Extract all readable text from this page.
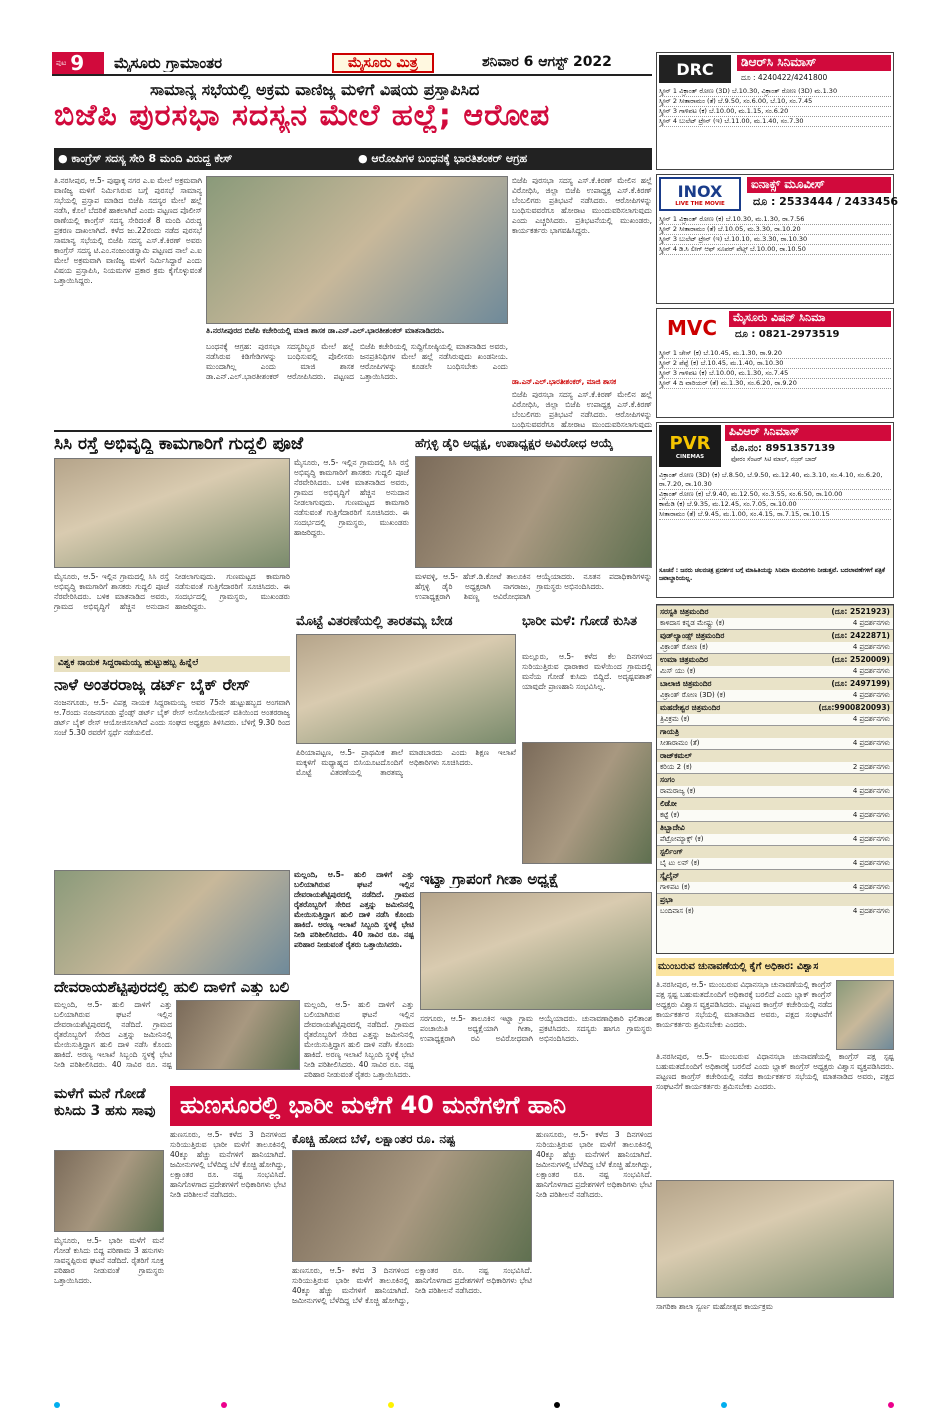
ಪುಟ 9 ಮೈಸೂರು ಗ್ರಾಮಾಂತರ	ಮೈಸೂರು ಮಿತ್ರ	ಶನಿವಾರ 6 ಆಗಸ್ಟ್ 2022
ಸಾಮಾನ್ಯ ಸಭೆಯಲ್ಲಿ ಅಕ್ರಮ ವಾಣಿಜ್ಯ ಮಳಿಗೆ ವಿಷಯ ಪ್ರಸ್ತಾಪಿಸಿದ
ಬಿಜೆಪಿ ಪುರಸಭಾ ಸದಸ್ಯನ ಮೇಲೆ ಹಲ್ಲೆ; ಆರೋಪ
● ಕಾಂಗ್ರೆಸ್ ಸದಸ್ಯ ಸೇರಿ 8 ಮಂದಿ ವಿರುದ್ಧ ಕೇಸ್	● ಆರೋಪಿಗಳ ಬಂಧನಕ್ಕೆ ಭಾರತಿಶಂಕರ್ ಆಗ್ರಹ
ತಿ.ನರಸೀಪುರ, ಆ.5- ಪುಷ್ಪಾಕ್ಕ ನಗರ ಎ.ಐ ಮೇಲೆ ಅಕ್ರಮವಾಗಿ ವಾಣಿಜ್ಯ ಮಳಿಗೆ ನಿರ್ಮಿಸಿರುವ ಬಗ್ಗೆ ಪುರಸಭೆ ಸಾಮಾನ್ಯ ಸಭೆಯಲ್ಲಿ ಪ್ರಸ್ತಾಪ ಮಾಡಿದ ಬಿಜೆಪಿ ಸದಸ್ಯರ ಮೇಲೆ ಹಲ್ಲೆ ನಡೆಸಿ, ಕೊಲೆ ಬೆದರಿಕೆ ಹಾಕಲಾಗಿದೆ ಎಂದು ಪಟ್ಟಣದ ಪೊಲೀಸ್ ಠಾಣೆಯಲ್ಲಿ ಕಾಂಗ್ರೆಸ್ ಸದಸ್ಯ ಸೇರಿದಂತೆ 8 ಮಂದಿ ವಿರುದ್ಧ ಪ್ರಕರಣ ದಾಖಲಾಗಿದೆ. ಕಳೆದ ಜು.22ರಂದು ನಡೆದ ಪುರಸಭೆ ಸಾಮಾನ್ಯ ಸಭೆಯಲ್ಲಿ ಬಿಜೆಪಿ ಸದಸ್ಯ ಎಸ್.ಕೆ.ಕಿರಣ್ ಅವರು ಕಾಂಗ್ರೆಸ್ ಸದಸ್ಯ ಟಿ.ಎಂ.ನಂಜುಂಡಸ್ವಾಮಿ ಪಟ್ಟಣದ ನಾಲೆ ಎ.ಐ ಮೇಲೆ ಅಕ್ರಮವಾಗಿ ವಾಣಿಜ್ಯ ಮಳಿಗೆ ನಿರ್ಮಿಸಿದ್ದಾರೆ ಎಂದು ವಿಷಯ ಪ್ರಸ್ತಾಪಿಸಿ, ನಿಯಮಗಳ ಪ್ರಕಾರ ಕ್ರಮ ಕೈಗೊಳ್ಳುವಂತೆ ಒತ್ತಾಯಿಸಿದ್ದರು.
ತಿ.ನರಸೀಪುರದ ಬಿಜೆಪಿ ಕಚೇರಿಯಲ್ಲಿ ಮಾಜಿ ಶಾಸಕ ಡಾ.ಎನ್.ಎಲ್.ಭಾರತೀಶಂಕರ್ ಮಾತನಾಡಿದರು.
ಬಂಧನಕ್ಕೆ ಆಗ್ರಹ: ಪುರಸಭಾ ಸದಸ್ಯರಿಬ್ಬರ ಮೇಲೆ ಹಲ್ಲೆ ನಡೆಸಿರುವ ಕಿಡಿಗೇಡಿಗಳನ್ನು ಬಂಧಿಸುವಲ್ಲಿ ಪೊಲೀಸರು ಮುಂದಾಗಿಲ್ಲ ಎಂದು ಮಾಜಿ ಶಾಸಕ ಡಾ.ಎನ್.ಎಲ್.ಭಾರತೀಶಂಕರ್ ಆರೋಪಿಸಿದರು. ಪಟ್ಟಣದ ಬಿಜೆಪಿ ಕಚೇರಿಯಲ್ಲಿ ಸುದ್ದಿಗೋಷ್ಠಿಯಲ್ಲಿ ಮಾತನಾಡಿದ ಅವರು, ಜನಪ್ರತಿನಿಧಿಗಳ ಮೇಲೆ ಹಲ್ಲೆ ನಡೆಸಿರುವುದು ಖಂಡನೀಯ. ಆರೋಪಿಗಳನ್ನು ಕೂಡಲೇ ಬಂಧಿಸಬೇಕು ಎಂದು ಒತ್ತಾಯಿಸಿದರು.
ಬಿಜೆಪಿ ಪುರಸಭಾ ಸದಸ್ಯ ಎಸ್.ಕೆ.ಕಿರಣ್ ಮೇಲಿನ ಹಲ್ಲೆ ವಿರೋಧಿಸಿ, ಜಿಲ್ಲಾ ಬಿಜೆಪಿ ಉಪಾಧ್ಯಕ್ಷ ಎಸ್.ಕೆ.ಕಿರಣ್ ಬೆಂಬಲಿಗರು ಪ್ರತಿಭಟನೆ ನಡೆಸಿದರು. ಆರೋಪಿಗಳನ್ನು ಬಂಧಿಸುವವರೆಗೂ ಹೋರಾಟ ಮುಂದುವರಿಸಲಾಗುವುದು ಎಂದು ಎಚ್ಚರಿಸಿದರು. ಪ್ರತಿಭಟನೆಯಲ್ಲಿ ಮುಖಂಡರು, ಕಾರ್ಯಕರ್ತರು ಭಾಗವಹಿಸಿದ್ದರು.
ಡಾ.ಎನ್.ಎಲ್.ಭಾರತೀಶಂಕರ್, ಮಾಜಿ ಶಾಸಕ
ಬಿಜೆಪಿ ಪುರಸಭಾ ಸದಸ್ಯ ಎಸ್.ಕೆ.ಕಿರಣ್ ಮೇಲಿನ ಹಲ್ಲೆ ವಿರೋಧಿಸಿ, ಜಿಲ್ಲಾ ಬಿಜೆಪಿ ಉಪಾಧ್ಯಕ್ಷ ಎಸ್.ಕೆ.ಕಿರಣ್ ಬೆಂಬಲಿಗರು ಪ್ರತಿಭಟನೆ ನಡೆಸಿದರು. ಆರೋಪಿಗಳನ್ನು ಬಂಧಿಸುವವರೆಗೂ ಹೋರಾಟ ಮುಂದುವರಿಸಲಾಗುವುದು
ಸಿಸಿ ರಸ್ತೆ ಅಭಿವೃದ್ಧಿ ಕಾಮಗಾರಿಗೆ ಗುದ್ದಲಿ ಪೂಜೆ
ಮೈಸೂರು, ಆ.5- ಇಲ್ಲಿನ ಗ್ರಾಮದಲ್ಲಿ ಸಿಸಿ ರಸ್ತೆ ಅಭಿವೃದ್ಧಿ ಕಾಮಗಾರಿಗೆ ಶಾಸಕರು ಗುದ್ದಲಿ ಪೂಜೆ ನೆರವೇರಿಸಿದರು. ಬಳಿಕ ಮಾತನಾಡಿದ ಅವರು, ಗ್ರಾಮದ ಅಭಿವೃದ್ಧಿಗೆ ಹೆಚ್ಚಿನ ಅನುದಾನ ನೀಡಲಾಗುವುದು. ಗುಣಮಟ್ಟದ ಕಾಮಗಾರಿ ನಡೆಸುವಂತೆ ಗುತ್ತಿಗೆದಾರರಿಗೆ ಸೂಚಿಸಿದರು. ಈ ಸಂದರ್ಭದಲ್ಲಿ ಗ್ರಾಮಸ್ಥರು, ಮುಖಂಡರು ಹಾಜರಿದ್ದರು.
ಮೈಸೂರು, ಆ.5- ಇಲ್ಲಿನ ಗ್ರಾಮದಲ್ಲಿ ಸಿಸಿ ರಸ್ತೆ ಅಭಿವೃದ್ಧಿ ಕಾಮಗಾರಿಗೆ ಶಾಸಕರು ಗುದ್ದಲಿ ಪೂಜೆ ನೆರವೇರಿಸಿದರು. ಬಳಿಕ ಮಾತನಾಡಿದ ಅವರು, ಗ್ರಾಮದ ಅಭಿವೃದ್ಧಿಗೆ ಹೆಚ್ಚಿನ ಅನುದಾನ ನೀಡಲಾಗುವುದು. ಗುಣಮಟ್ಟದ ಕಾಮಗಾರಿ ನಡೆಸುವಂತೆ ಗುತ್ತಿಗೆದಾರರಿಗೆ ಸೂಚಿಸಿದರು. ಈ ಸಂದರ್ಭದಲ್ಲಿ ಗ್ರಾಮಸ್ಥರು, ಮುಖಂಡರು ಹಾಜರಿದ್ದರು.
ಹೆಗ್ಗಳ್ಳಿ ಡೈರಿ ಅಧ್ಯಕ್ಷ, ಉಪಾಧ್ಯಕ್ಷರ ಅವಿರೋಧ ಆಯ್ಕೆ
ಮಳವಳ್ಳಿ, ಆ.5- ಹೆಚ್.ಡಿ.ಕೋಟೆ ತಾಲೂಕಿನ ಹೆಗ್ಗಳ್ಳಿ ಡೈರಿ ಅಧ್ಯಕ್ಷರಾಗಿ ನಾಗರಾಜು, ಉಪಾಧ್ಯಕ್ಷರಾಗಿ ಶಿವಣ್ಣ ಅವಿರೋಧವಾಗಿ ಆಯ್ಕೆಯಾದರು. ನೂತನ ಪದಾಧಿಕಾರಿಗಳನ್ನು ಗ್ರಾಮಸ್ಥರು ಅಭಿನಂದಿಸಿದರು.
ವಿಶ್ವಕ ನಾಯಕ ಸಿದ್ದರಾಮಯ್ಯ ಹುಟ್ಟುಹಬ್ಬ ಹಿನ್ನೆಲೆ
ನಾಳೆ ಅಂತರರಾಜ್ಯ ಡರ್ಟ್ ಬೈಕ್ ರೇಸ್
ನಂಜನಗೂಡು, ಆ.5- ವಿಪಕ್ಷ ನಾಯಕ ಸಿದ್ದರಾಮಯ್ಯ ಅವರ 75ನೇ ಹುಟ್ಟುಹಬ್ಬದ ಅಂಗವಾಗಿ ಆ.7ರಂದು ನಂಜನಗೂಡು ಫ್ರೆಂಡ್ಸ್ ಡರ್ಟ್ ಬೈಕ್ ರೇಸ್ ಅಸೋಸಿಯೇಷನ್ ವತಿಯಿಂದ ಅಂತರರಾಜ್ಯ ಡರ್ಟ್ ಬೈಕ್ ರೇಸ್ ಆಯೋಜಿಸಲಾಗಿದೆ ಎಂದು ಸಂಘದ ಅಧ್ಯಕ್ಷರು ತಿಳಿಸಿದರು. ಬೆಳಿಗ್ಗೆ 9.30 ರಿಂದ ಸಂಜೆ 5.30 ರವರೆಗೆ ಸ್ಪರ್ಧೆ ನಡೆಯಲಿದೆ.
ಮೊಟ್ಟೆ ವಿತರಣೆಯಲ್ಲಿ ತಾರತಮ್ಯ ಬೇಡ
ಪಿರಿಯಾಪಟ್ಟಣ, ಆ.5- ಪ್ರಾಥಮಿಕ ಶಾಲೆ ಮಕ್ಕಳಿಗೆ ಮಧ್ಯಾಹ್ನದ ಬಿಸಿಯೂಟದೊಂದಿಗೆ ಮೊಟ್ಟೆ ವಿತರಣೆಯಲ್ಲಿ ತಾರತಮ್ಯ ಮಾಡಬಾರದು ಎಂದು ಶಿಕ್ಷಣ ಇಲಾಖೆ ಅಧಿಕಾರಿಗಳು ಸೂಚಿಸಿದರು.
ಭಾರೀ ಮಳೆ: ಗೋಡೆ ಕುಸಿತ
ಮಲ್ಲೂರು, ಆ.5- ಕಳೆದ ಕೆಲ ದಿನಗಳಿಂದ ಸುರಿಯುತ್ತಿರುವ ಧಾರಾಕಾರ ಮಳೆಯಿಂದ ಗ್ರಾಮದಲ್ಲಿ ಮನೆಯ ಗೋಡೆ ಕುಸಿದು ಬಿದ್ದಿದೆ. ಅದೃಷ್ಟವಶಾತ್ ಯಾವುದೇ ಪ್ರಾಣಹಾನಿ ಸಂಭವಿಸಿಲ್ಲ.
ಮಲ್ಲಂದಿ, ಆ.5- ಹುಲಿ ದಾಳಿಗೆ ಎತ್ತು ಬಲಿಯಾಗಿರುವ ಘಟನೆ ಇಲ್ಲಿನ ದೇವರಾಯಶೆಟ್ಟಿಪುರದಲ್ಲಿ ನಡೆದಿದೆ. ಗ್ರಾಮದ ರೈತರೊಬ್ಬರಿಗೆ ಸೇರಿದ ಎತ್ತನ್ನು ಜಮೀನಿನಲ್ಲಿ ಮೇಯಿಸುತ್ತಿದ್ದಾಗ ಹುಲಿ ದಾಳಿ ನಡೆಸಿ ಕೊಂದು ಹಾಕಿದೆ. ಅರಣ್ಯ ಇಲಾಖೆ ಸಿಬ್ಬಂದಿ ಸ್ಥಳಕ್ಕೆ ಭೇಟಿ ನೀಡಿ ಪರಿಶೀಲಿಸಿದರು. 40 ಸಾವಿರ ರೂ. ನಷ್ಟ ಪರಿಹಾರ ನೀಡುವಂತೆ ರೈತರು ಒತ್ತಾಯಿಸಿದರು.
ದೇವರಾಯಶೆಟ್ಟಿಪುರದಲ್ಲಿ ಹುಲಿ ದಾಳಿಗೆ ಎತ್ತು ಬಲಿ
ಮಲ್ಲಂದಿ, ಆ.5- ಹುಲಿ ದಾಳಿಗೆ ಎತ್ತು ಬಲಿಯಾಗಿರುವ ಘಟನೆ ಇಲ್ಲಿನ ದೇವರಾಯಶೆಟ್ಟಿಪುರದಲ್ಲಿ ನಡೆದಿದೆ. ಗ್ರಾಮದ ರೈತರೊಬ್ಬರಿಗೆ ಸೇರಿದ ಎತ್ತನ್ನು ಜಮೀನಿನಲ್ಲಿ ಮೇಯಿಸುತ್ತಿದ್ದಾಗ ಹುಲಿ ದಾಳಿ ನಡೆಸಿ ಕೊಂದು ಹಾಕಿದೆ. ಅರಣ್ಯ ಇಲಾಖೆ ಸಿಬ್ಬಂದಿ ಸ್ಥಳಕ್ಕೆ ಭೇಟಿ ನೀಡಿ ಪರಿಶೀಲಿಸಿದರು. 40 ಸಾವಿರ ರೂ. ನಷ್ಟ
ಮಲ್ಲಂದಿ, ಆ.5- ಹುಲಿ ದಾಳಿಗೆ ಎತ್ತು ಬಲಿಯಾಗಿರುವ ಘಟನೆ ಇಲ್ಲಿನ ದೇವರಾಯಶೆಟ್ಟಿಪುರದಲ್ಲಿ ನಡೆದಿದೆ. ಗ್ರಾಮದ ರೈತರೊಬ್ಬರಿಗೆ ಸೇರಿದ ಎತ್ತನ್ನು ಜಮೀನಿನಲ್ಲಿ ಮೇಯಿಸುತ್ತಿದ್ದಾಗ ಹುಲಿ ದಾಳಿ ನಡೆಸಿ ಕೊಂದು ಹಾಕಿದೆ. ಅರಣ್ಯ ಇಲಾಖೆ ಸಿಬ್ಬಂದಿ ಸ್ಥಳಕ್ಕೆ ಭೇಟಿ ನೀಡಿ ಪರಿಶೀಲಿಸಿದರು. 40 ಸಾವಿರ ರೂ. ನಷ್ಟ ಪರಿಹಾರ ನೀಡುವಂತೆ ರೈತರು ಒತ್ತಾಯಿಸಿದರು.
ಇಟ್ನಾ ಗ್ರಾಪಂಗೆ ಗೀತಾ ಅಧ್ಯಕ್ಷೆ
ಸರಗೂರು, ಆ.5- ತಾಲೂಕಿನ ಇಟ್ನಾ ಗ್ರಾಮ ಪಂಚಾಯಿತಿ ಅಧ್ಯಕ್ಷೆಯಾಗಿ ಗೀತಾ, ಉಪಾಧ್ಯಕ್ಷರಾಗಿ ರವಿ ಅವಿರೋಧವಾಗಿ ಆಯ್ಕೆಯಾದರು. ಚುನಾವಣಾಧಿಕಾರಿ ಫಲಿತಾಂಶ ಪ್ರಕಟಿಸಿದರು. ಸದಸ್ಯರು ಹಾಗೂ ಗ್ರಾಮಸ್ಥರು ಅಭಿನಂದಿಸಿದರು.
ಮಳೆಗೆ ಮನೆ ಗೋಡೆ ಕುಸಿದು 3 ಹಸು ಸಾವು
ಮೈಸೂರು, ಆ.5- ಭಾರೀ ಮಳೆಗೆ ಮನೆ ಗೋಡೆ ಕುಸಿದು ಬಿದ್ದ ಪರಿಣಾಮ 3 ಹಸುಗಳು ಸಾವನ್ನಪ್ಪಿರುವ ಘಟನೆ ನಡೆದಿದೆ. ರೈತರಿಗೆ ಸೂಕ್ತ ಪರಿಹಾರ ನೀಡುವಂತೆ ಗ್ರಾಮಸ್ಥರು ಒತ್ತಾಯಿಸಿದರು.
ಹುಣಸೂರಲ್ಲಿ ಭಾರೀ ಮಳೆಗೆ 40 ಮನೆಗಳಿಗೆ ಹಾನಿ
ಹುಣಸೂರು, ಆ.5- ಕಳೆದ 3 ದಿನಗಳಿಂದ ಸುರಿಯುತ್ತಿರುವ ಭಾರೀ ಮಳೆಗೆ ತಾಲೂಕಿನಲ್ಲಿ 40ಕ್ಕೂ ಹೆಚ್ಚು ಮನೆಗಳಿಗೆ ಹಾನಿಯಾಗಿದೆ. ಜಮೀನುಗಳಲ್ಲಿ ಬೆಳೆದಿದ್ದ ಬೆಳೆ ಕೊಚ್ಚಿ ಹೋಗಿದ್ದು, ಲಕ್ಷಾಂತರ ರೂ. ನಷ್ಟ ಸಂಭವಿಸಿದೆ. ಹಾನಿಗೊಳಗಾದ ಪ್ರದೇಶಗಳಿಗೆ ಅಧಿಕಾರಿಗಳು ಭೇಟಿ ನೀಡಿ ಪರಿಶೀಲನೆ ನಡೆಸಿದರು.
ಕೊಚ್ಚಿ ಹೋದ ಬೆಳೆ, ಲಕ್ಷಾಂತರ ರೂ. ನಷ್ಟ
ಹುಣಸೂರು, ಆ.5- ಕಳೆದ 3 ದಿನಗಳಿಂದ ಸುರಿಯುತ್ತಿರುವ ಭಾರೀ ಮಳೆಗೆ ತಾಲೂಕಿನಲ್ಲಿ 40ಕ್ಕೂ ಹೆಚ್ಚು ಮನೆಗಳಿಗೆ ಹಾನಿಯಾಗಿದೆ. ಜಮೀನುಗಳಲ್ಲಿ ಬೆಳೆದಿದ್ದ ಬೆಳೆ ಕೊಚ್ಚಿ ಹೋಗಿದ್ದು, ಲಕ್ಷಾಂತರ ರೂ. ನಷ್ಟ ಸಂಭವಿಸಿದೆ. ಹಾನಿಗೊಳಗಾದ ಪ್ರದೇಶಗಳಿಗೆ ಅಧಿಕಾರಿಗಳು ಭೇಟಿ ನೀಡಿ ಪರಿಶೀಲನೆ ನಡೆಸಿದರು.
ಹುಣಸೂರು, ಆ.5- ಕಳೆದ 3 ದಿನಗಳಿಂದ ಸುರಿಯುತ್ತಿರುವ ಭಾರೀ ಮಳೆಗೆ ತಾಲೂಕಿನಲ್ಲಿ 40ಕ್ಕೂ ಹೆಚ್ಚು ಮನೆಗಳಿಗೆ ಹಾನಿಯಾಗಿದೆ. ಜಮೀನುಗಳಲ್ಲಿ ಬೆಳೆದಿದ್ದ ಬೆಳೆ ಕೊಚ್ಚಿ ಹೋಗಿದ್ದು, ಲಕ್ಷಾಂತರ ರೂ. ನಷ್ಟ ಸಂಭವಿಸಿದೆ. ಹಾನಿಗೊಳಗಾದ ಪ್ರದೇಶಗಳಿಗೆ ಅಧಿಕಾರಿಗಳು ಭೇಟಿ ನೀಡಿ ಪರಿಶೀಲನೆ ನಡೆಸಿದರು.
DRC	ಡಿಆರ್‌ಸಿ ಸಿನಿಮಾಸ್
ದೂ : 4240422/4241800
ಸ್ಕ್ರೀನ್ 1 ವಿಕ್ರಾಂತ್ ರೋಣ (3D) ಬೆ.10.30, ವಿಕ್ರಾಂತ್ ರೋಣ (3D) ಮ.1.30
ಸ್ಕ್ರೀನ್ 2 ಸೀತಾರಾಮಂ (ತೆ) ಬೆ.9.50, ಸಂ.6.00, ಬೆ.10, ಸಂ.7.45
ಸ್ಕ್ರೀನ್ 3 ಗಾಳಿಪಟ (ಕ) ಬೆ.10.00, ಮ.1.15, ಸಂ.6.20
ಸ್ಕ್ರೀನ್ 4 ಬುಲೆಟ್ ಟ್ರೇನ್ (ಇ) ಬೆ.11.00, ಮ.1.40, ಸಂ.7.30
INOX
LIVE THE MOVIE
ಐನಾಕ್ಸ್ ಮೂವೀಸ್
ದೂ : 2533444 / 2433456
ಸ್ಕ್ರೀನ್ 1 ವಿಕ್ರಾಂತ್ ರೋಣ (ಕ) ಬೆ.10.30, ಮ.1.30, ರಾ.7.56
ಸ್ಕ್ರೀನ್ 2 ಸೀತಾರಾಮಂ (ತೆ) ಬೆ.10.05, ಮ.3.30, ರಾ.10.20
ಸ್ಕ್ರೀನ್ 3 ಬುಲೆಟ್ ಟ್ರೇನ್ (ಇ) ಬೆ.10.10, ಮ.3.30, ರಾ.10.30
ಸ್ಕ್ರೀನ್ 4 ಡಿ.ಸಿ ಲೀಗ್ ಆಫ್ ಸೂಪರ್ ಪೆಟ್ಸ್ ಬೆ.10.00, ರಾ.10.50
MVC	ಮೈಸೂರು ವಿಷನ್ ಸಿನಿಮಾ
ದೂ : 0821-2973519
ಸ್ಕ್ರೀನ್ 1 ಚೇಸ್ (ಕ) ಬೆ.10.45, ಮ.1.30, ರಾ.9.20
ಸ್ಕ್ರೀನ್ 2 ಪೆಪ್ಪೆ (ಕ) ಬೆ.10.45, ಮ.1.40, ರಾ.10.30
ಸ್ಕ್ರೀನ್ 3 ಗಾಳಿಪಟ (ಕ) ಬೆ.10.00, ಮ.1.30, ಸಂ.7.45
ಸ್ಕ್ರೀನ್ 4 ದಿ ವಾರಿಯರ್ (ತೆ) ಮ.1.30, ಸಂ.6.20, ರಾ.9.20
PVR
CINEMAS
ಪಿವಿಆರ್ ಸಿನಿಮಾಸ್
ಮೊ.ನಂ: 8951357139
ಫೋರಂ ಸೆಂಟರ್ ಸಿಟಿ ಮಾಲ್, ನಜ಼ರ್ ಬಾದ್
ವಿಕ್ರಾಂತ್ ರೋಣ (3D) (ಕ) ಬೆ.8.50, ಬೆ.9.50, ಮ.12.40, ಮ.3.10, ಸಂ.4.10, ಸಂ.6.20, ರಾ.7.20, ರಾ.10.30
ವಿಕ್ರಾಂತ್ ರೋಣ (ಕ) ಬೆ.9.40, ಮ.12.50, ಸಂ.3.55, ಸಂ.6.50, ರಾ.10.00
ಕಾಮೆಡಿ (ಕ) ಬೆ.9.35, ಮ.12.45, ಸಂ.7.05, ರಾ.10.00
ಸೀತಾರಾಮಂ (ತೆ) ಬೆ.9.45, ಮ.1.00, ಸಂ.4.15, ರಾ.7.15, ರಾ.10.15
ಸೂಚನೆ : ಜನರು ಚಲನಚಿತ್ರ ಪ್ರದರ್ಶನ ಬಗ್ಗೆ ಮಾಹಿತಿಯನ್ನು ಸಿನಿಮಾ ಮಂದಿರಗಳು ನೀಡುತ್ತವೆ. ಬದಲಾವಣೆಗಳಿಗೆ ಪತ್ರಿಕೆ ಜವಾಬ್ದಾರಿಯಲ್ಲ.
ಸರಸ್ವತಿ ಚಿತ್ರಮಂದಿರ	(ದೂ: 2521923)
ಕಾಳಿದಾಸ ಕನ್ನಡ ಮೇಷ್ಟ್ರು (ಕ)	4 ಪ್ರದರ್ಶನಗಳು
ವುಡ್‌ಲ್ಯಾಂಡ್ಸ್ ಚಿತ್ರಮಂದಿರ	(ದೂ: 2422871)
ವಿಕ್ರಾಂತ್ ರೋಣ (ಕ)	4 ಪ್ರದರ್ಶನಗಳು
ಉಮಾ ಚಿತ್ರಮಂದಿರ	(ದೂ: 2520009)
ಮಿಸ್ ಯು (ಕ)	4 ಪ್ರದರ್ಶನಗಳು
ಬಾಲಾಜಿ ಚಿತ್ರಮಂದಿರ	(ದೂ: 2497199)
ವಿಕ್ರಾಂತ್ ರೋಣ (3D) (ಕ)	4 ಪ್ರದರ್ಶನಗಳು
ಮಹದೇಶ್ವರ ಚಿತ್ರಮಂದಿರ	(ದೂ:9900820093)
ತ್ರಿವಿಕ್ರಮ (ಕ)	4 ಪ್ರದರ್ಶನಗಳು
ಗಾಯತ್ರಿ
ಸೀತಾರಾಮಂ (ತೆ)	4 ಪ್ರದರ್ಶನಗಳು
ರಾಜ್‌ಕಮಲ್
ಕರಿಯ 2 (ಕ)	2 ಪ್ರದರ್ಶನಗಳು
ಸಂಗಂ
ರಾಮರಾಜ್ಯ (ಕ)	4 ಪ್ರದರ್ಶನಗಳು
ಲಿಡೋ
ಕಟ್ಟೆ (ಕ)	4 ಪ್ರದರ್ಶನಗಳು
ತಿಬ್ಬಾದೇವಿ
ಪೆಟ್ರೋಮ್ಯಾಕ್ಸ್ (ಕ)	4 ಪ್ರದರ್ಶನಗಳು
ಸ್ಟರ್ಲಿಂಗ್
ಬೈ ಟು ಲವ್ (ಕ)	4 ಪ್ರದರ್ಶನಗಳು
ಸ್ಕೈಲೈನ್
ಗಾಳಿಪಟ (ಕ)	4 ಪ್ರದರ್ಶನಗಳು
ಪ್ರಭಾ
ಬಂದಿವಾಸ (ಕ)	4 ಪ್ರದರ್ಶನಗಳು
ಮುಂಬರುವ ಚುನಾವಣೆಯಲ್ಲಿ ಕೈಗೆ ಅಧಿಕಾರ: ವಿಶ್ವಾಸ
ತಿ.ನರಸೀಪುರ, ಆ.5- ಮುಂಬರುವ ವಿಧಾನಸಭಾ ಚುನಾವಣೆಯಲ್ಲಿ ಕಾಂಗ್ರೆಸ್ ಪಕ್ಷ ಸ್ಪಷ್ಟ ಬಹುಮತದೊಂದಿಗೆ ಅಧಿಕಾರಕ್ಕೆ ಬರಲಿದೆ ಎಂದು ಬ್ಲಾಕ್ ಕಾಂಗ್ರೆಸ್ ಅಧ್ಯಕ್ಷರು ವಿಶ್ವಾಸ ವ್ಯಕ್ತಪಡಿಸಿದರು. ಪಟ್ಟಣದ ಕಾಂಗ್ರೆಸ್ ಕಚೇರಿಯಲ್ಲಿ ನಡೆದ ಕಾರ್ಯಕರ್ತರ ಸಭೆಯಲ್ಲಿ ಮಾತನಾಡಿದ ಅವರು, ಪಕ್ಷದ ಸಂಘಟನೆಗೆ ಕಾರ್ಯಕರ್ತರು ಶ್ರಮಿಸಬೇಕು ಎಂದರು.
ತಿ.ನರಸೀಪುರ, ಆ.5- ಮುಂಬರುವ ವಿಧಾನಸಭಾ ಚುನಾವಣೆಯಲ್ಲಿ ಕಾಂಗ್ರೆಸ್ ಪಕ್ಷ ಸ್ಪಷ್ಟ ಬಹುಮತದೊಂದಿಗೆ ಅಧಿಕಾರಕ್ಕೆ ಬರಲಿದೆ ಎಂದು ಬ್ಲಾಕ್ ಕಾಂಗ್ರೆಸ್ ಅಧ್ಯಕ್ಷರು ವಿಶ್ವಾಸ ವ್ಯಕ್ತಪಡಿಸಿದರು. ಪಟ್ಟಣದ ಕಾಂಗ್ರೆಸ್ ಕಚೇರಿಯಲ್ಲಿ ನಡೆದ ಕಾರ್ಯಕರ್ತರ ಸಭೆಯಲ್ಲಿ ಮಾತನಾಡಿದ ಅವರು, ಪಕ್ಷದ ಸಂಘಟನೆಗೆ ಕಾರ್ಯಕರ್ತರು ಶ್ರಮಿಸಬೇಕು ಎಂದರು.
ಸಾಗರಿಕಾ ಶಾಲಾ ಸ್ವರ್ಣ ಮಹೋತ್ಸವ ಕಾರ್ಯಕ್ರಮ
